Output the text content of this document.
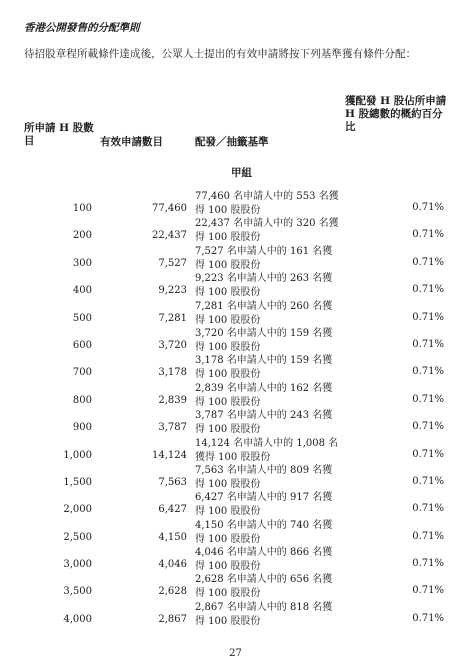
香港公開發售的分配準則
待招股章程所載條件達成後，公眾人士提出的有效申請將按下列基準獲有條件分配：
所申請 H 股數目	有效申請數目	配發／抽籤基準
獲配發 H 股佔所申請 H 股總數的概約百分比
甲組
100	77,460
77,460 名申請人中的 553 名獲
得 100 股股份	0.71%
200	22,437
22,437 名申請人中的 320 名獲
得 100 股股份	0.71%
300	7,527
7,527 名申請人中的 161 名獲
得 100 股股份	0.71%
400	9,223
9,223 名申請人中的 263 名獲
得 100 股股份	0.71%
500	7,281
7,281 名申請人中的 260 名獲
得 100 股股份	0.71%
600	3,720
3,720 名申請人中的 159 名獲
得 100 股股份	0.71%
700	3,178
3,178 名申請人中的 159 名獲
得 100 股股份	0.71%
800	2,839
2,839 名申請人中的 162 名獲
得 100 股股份	0.71%
900	3,787
3,787 名申請人中的 243 名獲
得 100 股股份	0.71%
1,000	14,124
14,124 名申請人中的 1,008 名
獲得 100 股股份	0.71%
1,500	7,563
7,563 名申請人中的 809 名獲
得 100 股股份	0.71%
2,000	6,427
6,427 名申請人中的 917 名獲
得 100 股股份	0.71%
2,500	4,150
4,150 名申請人中的 740 名獲
得 100 股股份	0.71%
3,000	4,046
4,046 名申請人中的 866 名獲
得 100 股股份	0.71%
3,500	2,628
2,628 名申請人中的 656 名獲
得 100 股股份	0.71%
4,000	2,867
2,867 名申請人中的 818 名獲
得 100 股股份	0.71%
27
